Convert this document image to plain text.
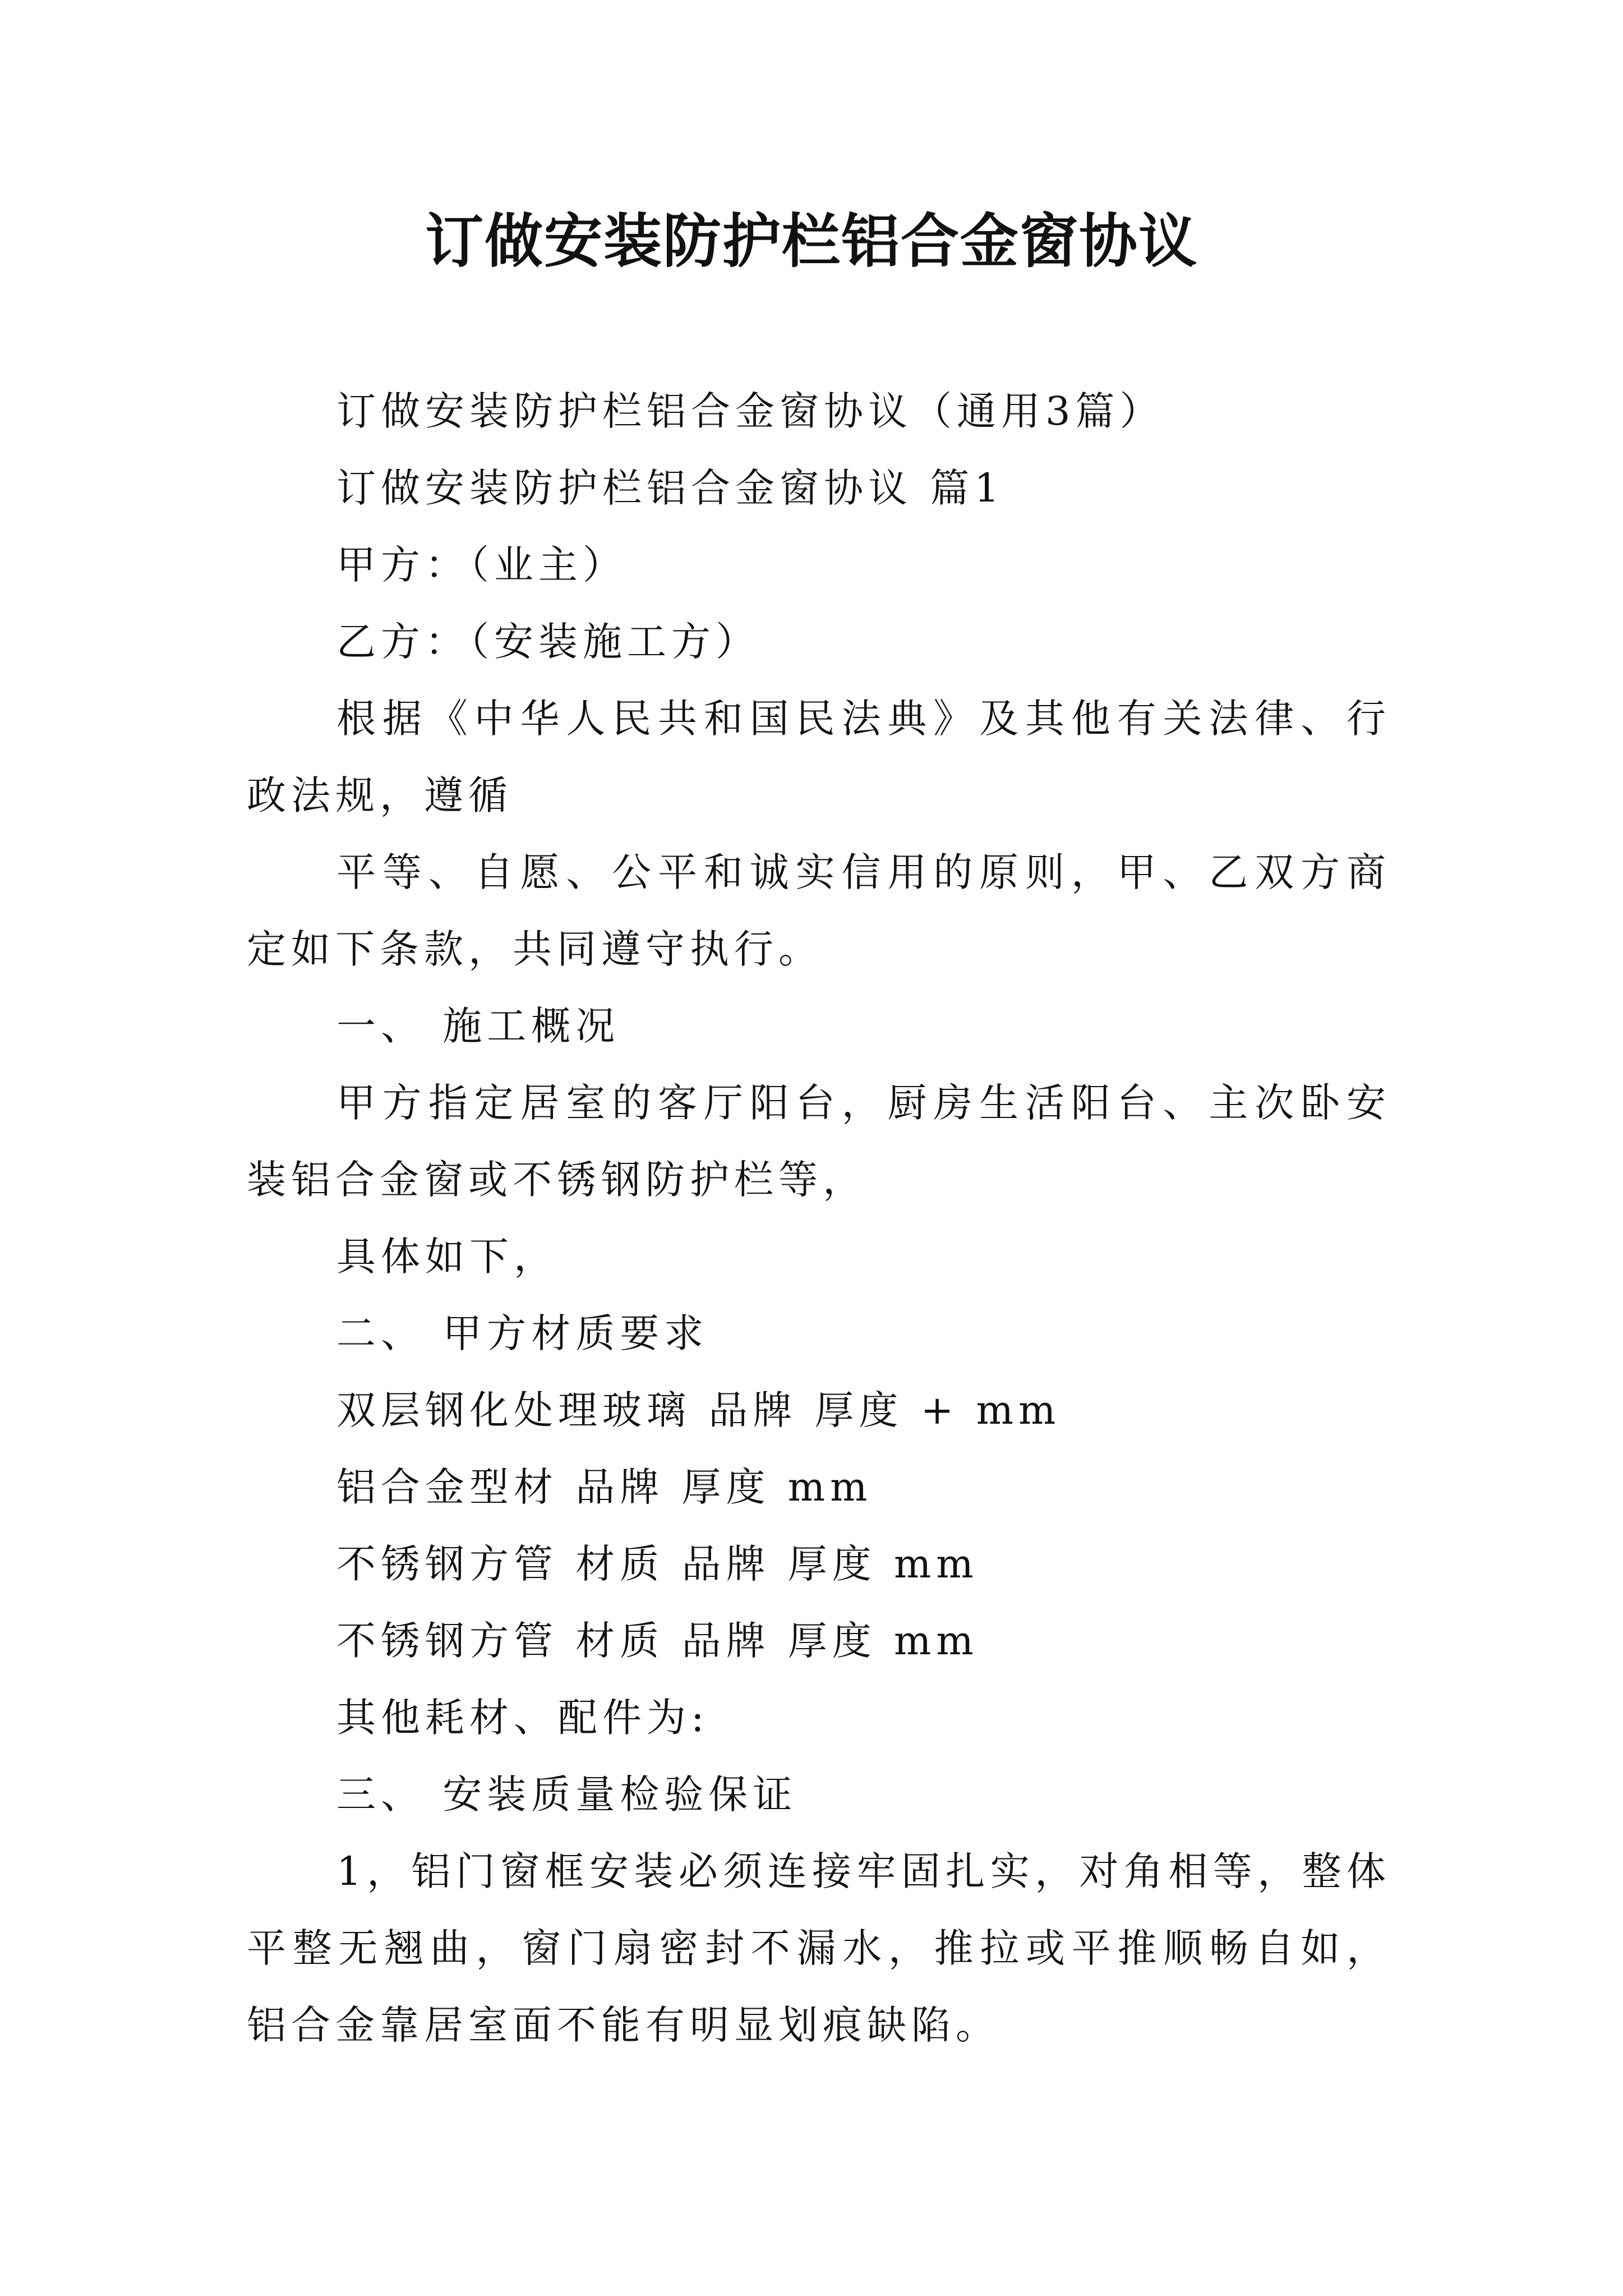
订做安装防护栏铝合金窗协议

订做安装防护栏铝合金窗协议（通用3篇）

订做安装防护栏铝合金窗协议 篇1

甲方：（业主）

乙方：（安装施工方）

根据《中华人民共和国民法典》及其他有关法律、行政法规，遵循

平等、自愿、公平和诚实信用的原则，甲、乙双方商定如下条款，共同遵守执行。

一、 施工概况

甲方指定居室的客厅阳台，厨房生活阳台、主次卧安装铝合金窗或不锈钢防护栏等，

具体如下，

二、 甲方材质要求

双层钢化处理玻璃 品牌 厚度 + mm

铝合金型材 品牌 厚度 mm

不锈钢方管 材质 品牌 厚度 mm

不锈钢方管 材质 品牌 厚度 mm

其他耗材、配件为:

三、 安装质量检验保证

1，铝门窗框安装必须连接牢固扎实，对角相等，整体平整无翘曲，窗门扇密封不漏水，推拉或平推顺畅自如，铝合金靠居室面不能有明显划痕缺陷。
